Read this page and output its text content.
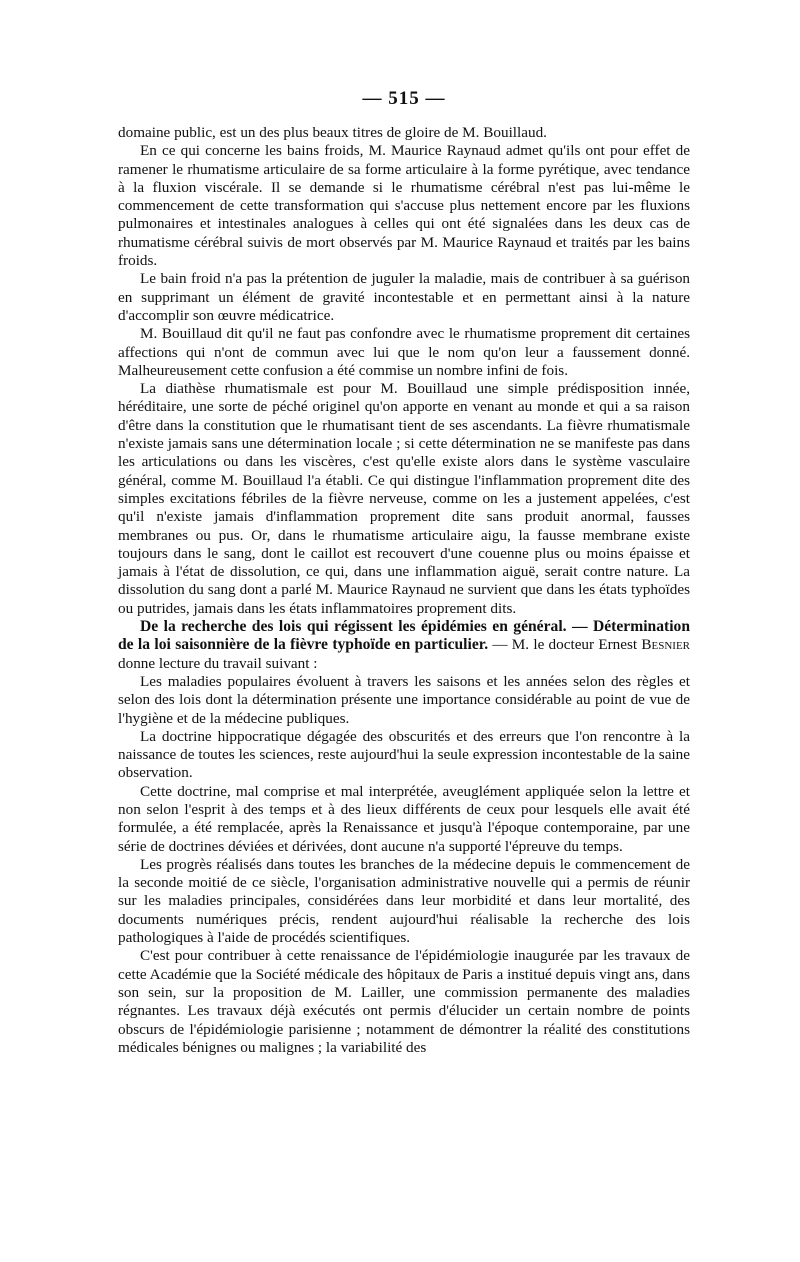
— 515 —

domaine public, est un des plus beaux titres de gloire de M. Bouillaud.

En ce qui concerne les bains froids, M. Maurice Raynaud admet qu'ils ont pour effet de ramener le rhumatisme articulaire de sa forme articulaire à la forme pyrétique, avec tendance à la fluxion viscérale. Il se demande si le rhumatisme cérébral n'est pas lui-même le commencement de cette transformation qui s'accuse plus nettement encore par les fluxions pulmonaires et intestinales analogues à celles qui ont été signalées dans les deux cas de rhumatisme cérébral suivis de mort observés par M. Maurice Raynaud et traités par les bains froids.

Le bain froid n'a pas la prétention de juguler la maladie, mais de contribuer à sa guérison en supprimant un élément de gravité incontestable et en permettant ainsi à la nature d'accomplir son œuvre médicatrice.

M. Bouillaud dit qu'il ne faut pas confondre avec le rhumatisme proprement dit certaines affections qui n'ont de commun avec lui que le nom qu'on leur a faussement donné. Malheureusement cette confusion a été commise un nombre infini de fois.

La diathèse rhumatismale est pour M. Bouillaud une simple prédisposition innée, héréditaire, une sorte de péché originel qu'on apporte en venant au monde et qui a sa raison d'être dans la constitution que le rhumatisant tient de ses ascendants. La fièvre rhumatismale n'existe jamais sans une détermination locale ; si cette détermination ne se manifeste pas dans les articulations ou dans les viscères, c'est qu'elle existe alors dans le système vasculaire général, comme M. Bouillaud l'a établi. Ce qui distingue l'inflammation proprement dite des simples excitations fébriles de la fièvre nerveuse, comme on les a justement appelées, c'est qu'il n'existe jamais d'inflammation proprement dite sans produit anormal, fausses membranes ou pus. Or, dans le rhumatisme articulaire aigu, la fausse membrane existe toujours dans le sang, dont le caillot est recouvert d'une couenne plus ou moins épaisse et jamais à l'état de dissolution, ce qui, dans une inflammation aiguë, serait contre nature. La dissolution du sang dont a parlé M. Maurice Raynaud ne survient que dans les états typhoïdes ou putrides, jamais dans les états inflammatoires proprement dits.

De la recherche des lois qui régissent les épidémies en général. — Détermination de la loi saisonnière de la fièvre typhoïde en particulier. — M. le docteur Ernest Besnier donne lecture du travail suivant :

Les maladies populaires évoluent à travers les saisons et les années selon des règles et selon des lois dont la détermination présente une importance considérable au point de vue de l'hygiène et de la médecine publiques.

La doctrine hippocratique dégagée des obscurités et des erreurs que l'on rencontre à la naissance de toutes les sciences, reste aujourd'hui la seule expression incontestable de la saine observation.

Cette doctrine, mal comprise et mal interprétée, aveuglément appliquée selon la lettre et non selon l'esprit à des temps et à des lieux différents de ceux pour lesquels elle avait été formulée, a été remplacée, après la Renaissance et jusqu'à l'époque contemporaine, par une série de doctrines déviées et dérivées, dont aucune n'a supporté l'épreuve du temps.

Les progrès réalisés dans toutes les branches de la médecine depuis le commencement de la seconde moitié de ce siècle, l'organisation administrative nouvelle qui a permis de réunir sur les maladies principales, considérées dans leur morbidité et dans leur mortalité, des documents numériques précis, rendent aujourd'hui réalisable la recherche des lois pathologiques à l'aide de procédés scientifiques.

C'est pour contribuer à cette renaissance de l'épidémiologie inaugurée par les travaux de cette Académie que la Société médicale des hôpitaux de Paris a institué depuis vingt ans, dans son sein, sur la proposition de M. Lailler, une commission permanente des maladies régnantes. Les travaux déjà exécutés ont permis d'élucider un certain nombre de points obscurs de l'épidémiologie parisienne ; notamment de démontrer la réalité des constitutions médicales bénignes ou malignes ; la variabilité des
